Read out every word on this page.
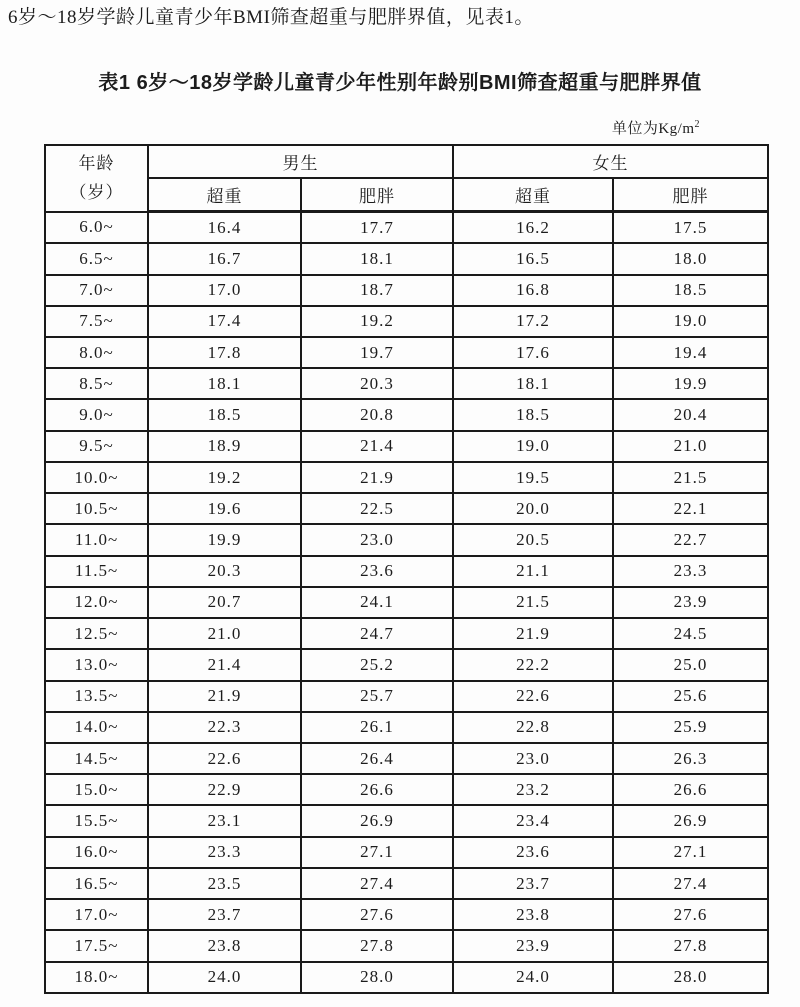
6岁～18岁学龄儿童青少年BMI筛查超重与肥胖界值，见表1。

表1 6岁～18岁学龄儿童青少年性别年龄别BMI筛查超重与肥胖界值
单位为$Kg/m^2$
年龄
（岁）	男生		女生	
	超重	肥胖	超重	肥胖
6.0~	16.4	17.7	16.2	17.5
6.5~	16.7	18.1	16.5	18.0
7.0~	17.0	18.7	16.8	18.5
7.5~	17.4	19.2	17.2	19.0
8.0~	17.8	19.7	17.6	19.4
8.5~	18.1	20.3	18.1	19.9
9.0~	18.5	20.8	18.5	20.4
9.5~	18.9	21.4	19.0	21.0
10.0~	19.2	21.9	19.5	21.5
10.5~	19.6	22.5	20.0	22.1
11.0~	19.9	23.0	20.5	22.7
11.5~	20.3	23.6	21.1	23.3
12.0~	20.7	24.1	21.5	23.9
12.5~	21.0	24.7	21.9	24.5
13.0~	21.4	25.2	22.2	25.0
13.5~	21.9	25.7	22.6	25.6
14.0~	22.3	26.1	22.8	25.9
14.5~	22.6	26.4	23.0	26.3
15.0~	22.9	26.6	23.2	26.6
15.5~	23.1	26.9	23.4	26.9
16.0~	23.3	27.1	23.6	27.1
16.5~	23.5	27.4	23.7	27.4
17.0~	23.7	27.6	23.8	27.6
17.5~	23.8	27.8	23.9	27.8
18.0~	24.0	28.0	24.0	28.0
